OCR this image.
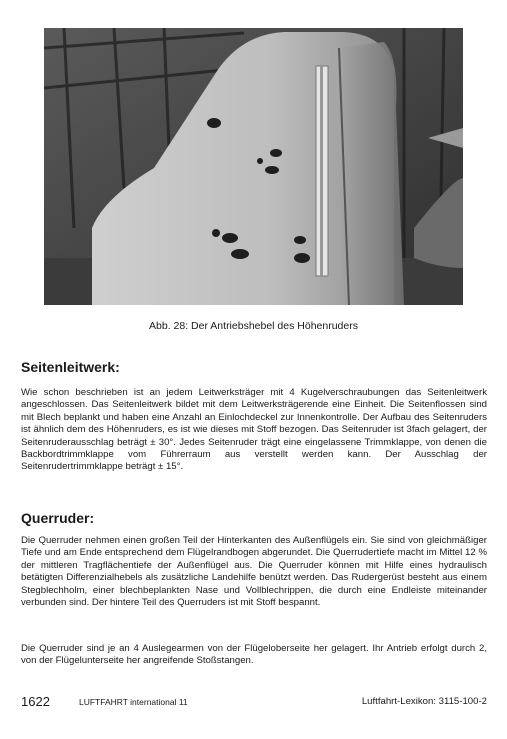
Abb. 28: Der Antriebshebel des Höhenruders
Seitenleitwerk:

Wie schon beschrieben ist an jedem Leitwerksträger mit 4 Kugelverschraubungen das Seitenleitwerk angeschlossen. Das Seitenleitwerk bildet mit dem Leitwerksträgerende eine Einheit. Die Seitenflossen sind mit Blech beplankt und haben eine Anzahl an Einlochdeckel zur Innenkontrolle. Der Aufbau des Seitenruders ist ähnlich dem des Höhenruders, es ist wie dieses mit Stoff bezogen. Das Seitenruder ist 3fach gelagert, der Seitenruderausschlag beträgt ± 30°. Jedes Seitenruder trägt eine eingelassene Trimmklappe, von denen die Backbordtrimmklappe vom Führerraum aus verstellt werden kann. Der Ausschlag der Seitenrudertrimmklappe beträgt ± 15°.

Querruder:

Die Querruder nehmen einen großen Teil der Hinterkanten des Außenflügels ein. Sie sind von gleichmäßiger Tiefe und am Ende entsprechend dem Flügelrandbogen abgerundet. Die Querrudertiefe macht im Mittel 12 % der mittleren Tragflächentiefe der Außenflügel aus. Die Querruder können mit Hilfe eines hydraulisch betätigten Differenzialhebels als zusätzliche Landehilfe benützt werden. Das Rudergerüst besteht aus einem Stegblechholm, einer blechbeplankten Nase und Vollblechrippen, die durch eine Endleiste miteinander verbunden sind. Der hintere Teil des Querruders ist mit Stoff bespannt.

Die Querruder sind je an 4 Auslegearmen von der Flügeloberseite her gelagert. Ihr Antrieb erfolgt durch 2, von der Flügelunterseite her angreifende Stoßstangen.

1622	LUFTFAHRT international 11	Luftfahrt-Lexikon: 3115-100-2
